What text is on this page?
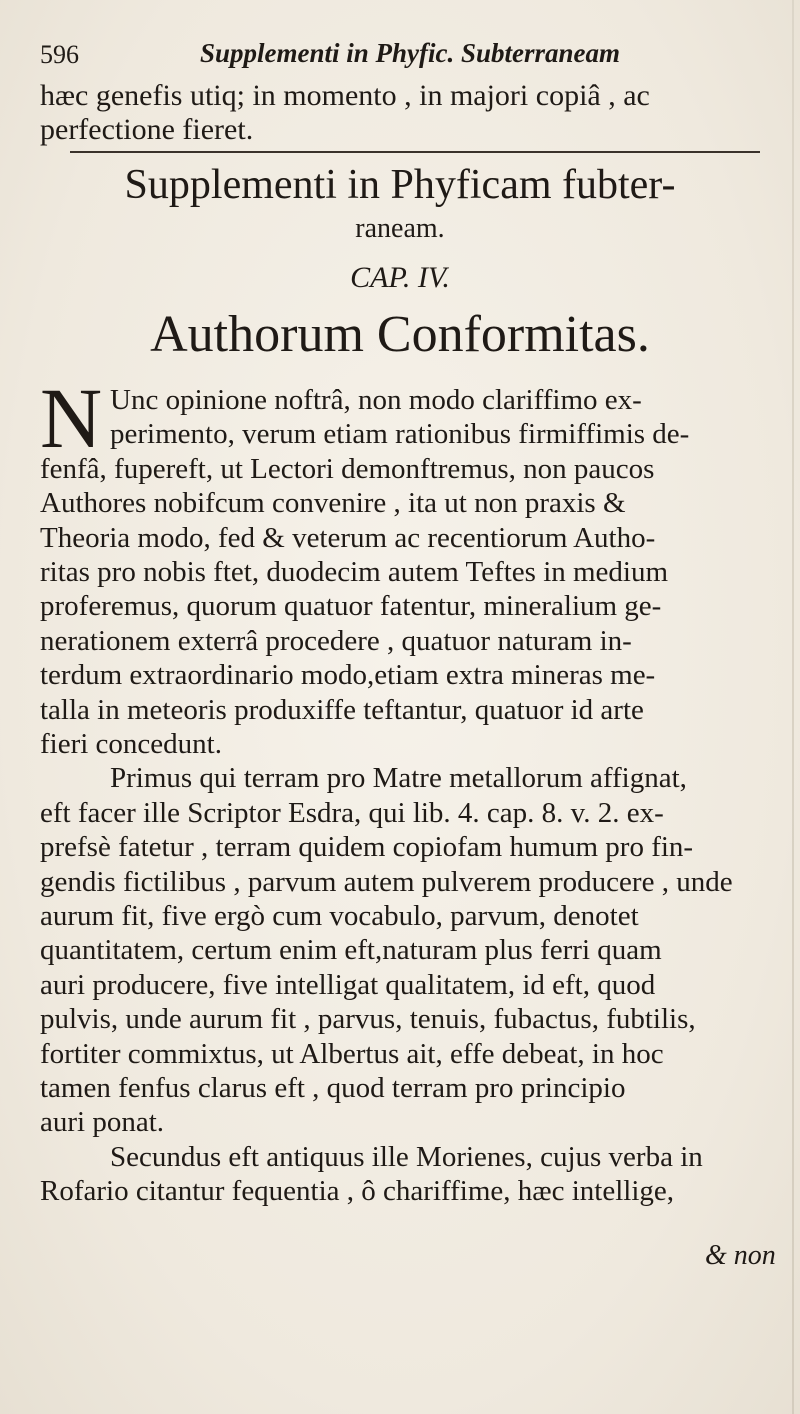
596	Supplementi in Phyfic. Subterraneam
hæc genefis utiq; in momento , in majori copiâ , ac
perfectione fieret.
Supplementi in Phyficam fubter-
raneam.
CAP. IV.
Authorum Conformitas.
N Unc opinione noftrâ, non modo clariffimo ex-
perimento, verum etiam rationibus firmiffimis de-
fenfâ, fupereft, ut Lectori demonftremus, non paucos
Authores nobifcum convenire , ita ut non praxis &
Theoria modo, fed & veterum ac recentiorum Autho-
ritas pro nobis ftet, duodecim autem Teftes in medium
proferemus, quorum quatuor fatentur, mineralium ge-
nerationem exterrâ procedere , quatuor naturam in-
terdum extraordinario modo,etiam extra mineras me-
talla in meteoris produxiffe teftantur, quatuor id arte
fieri concedunt.
Primus qui terram pro Matre metallorum affignat,
eft facer ille Scriptor Esdra, qui lib. 4. cap. 8. v. 2. ex-
prefsè fatetur , terram quidem copiofam humum pro fin-
gendis fictilibus , parvum autem pulverem producere , unde
aurum fit, five ergò cum vocabulo, parvum, denotet
quantitatem, certum enim eft,naturam plus ferri quam
auri producere, five intelligat qualitatem, id eft, quod
pulvis, unde aurum fit , parvus, tenuis, fubactus, fubtilis,
fortiter commixtus, ut Albertus ait, effe debeat, in hoc
tamen fenfus clarus eft , quod terram pro principio
auri ponat.
Secundus eft antiquus ille Morienes, cujus verba in
Rofario citantur fequentia , ô chariffime, hæc intellige,
& non
